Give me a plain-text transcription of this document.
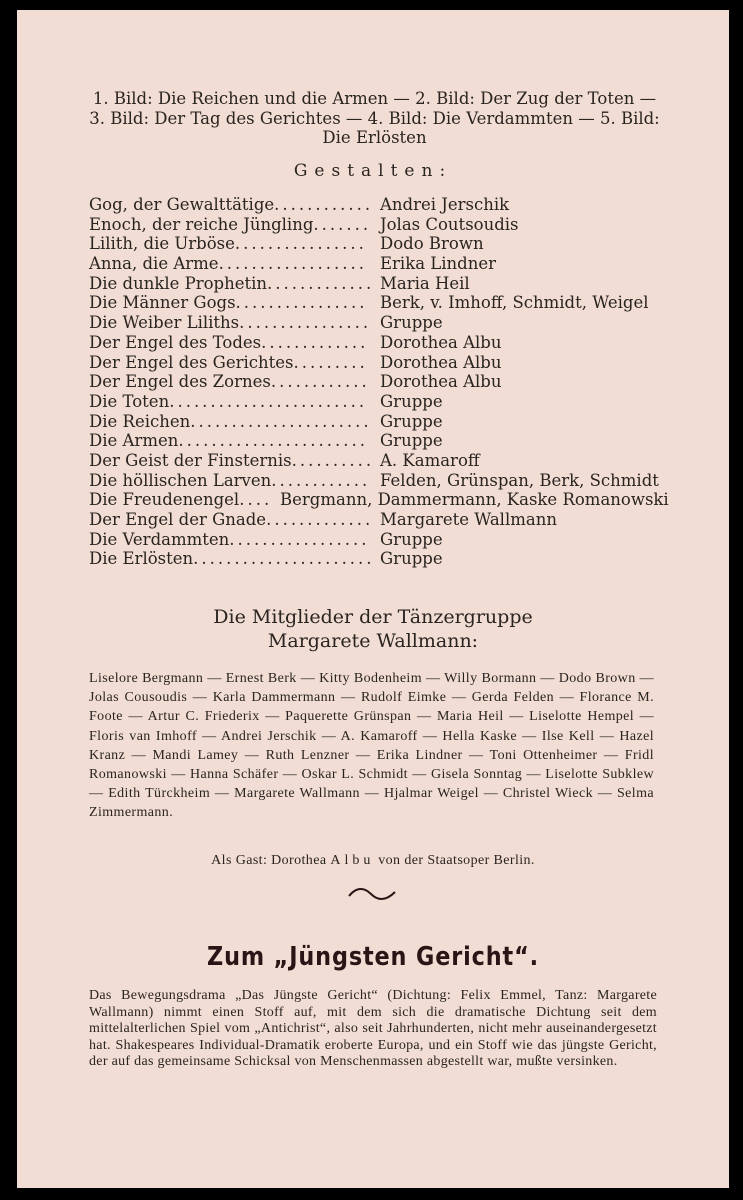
1. Bild: Die Reichen und die Armen — 2. Bild: Der Zug der Toten — 3. Bild: Der Tag des Gerichtes — 4. Bild: Die Verdammten — 5. Bild: Die Erlösten
Gestalten:
Gog, der Gewalttätige............ Andrei Jerschik
Enoch, der reiche Jüngling....... Jolas Coutsoudis
Lilith, die Urböse................ Dodo Brown
Anna, die Arme.................. Erika Lindner
Die dunkle Prophetin............. Maria Heil
Die Männer Gogs................ Berk, v. Imhoff, Schmidt, Weigel
Die Weiber Liliths................ Gruppe
Der Engel des Todes............. Dorothea Albu
Der Engel des Gerichtes......... Dorothea Albu
Der Engel des Zornes............ Dorothea Albu
Die Toten........................ Gruppe
Die Reichen...................... Gruppe
Die Armen....................... Gruppe
Der Geist der Finsternis.......... A. Kamaroff
Die höllischen Larven............ Felden, Grünspan, Berk, Schmidt
Die Freudenengel.... Bergmann, Dammermann, Kaske Romanowski
Der Engel der Gnade............. Margarete Wallmann
Die Verdammten................. Gruppe
Die Erlösten...................... Gruppe
Die Mitglieder der Tänzergruppe
Margarete Wallmann:
Liselore Bergmann — Ernest Berk — Kitty Bodenheim — Willy Bormann — Dodo Brown — Jolas Cousoudis — Karla Dammermann — Rudolf Eimke — Gerda Felden — Florance M. Foote — Artur C. Friederix — Paquerette Grünspan — Maria Heil — Liselotte Hempel — Floris van Imhoff — Andrei Jerschik — A. Kamaroff — Hella Kaske — Ilse Kell — Hazel Kranz — Mandi Lamey — Ruth Lenzner — Erika Lindner — Toni Ottenheimer — Fridl Romanowski — Hanna Schäfer — Oskar L. Schmidt — Gisela Sonntag — Liselotte Subklew — Edith Türckheim — Margarete Wallmann — Hjalmar Weigel — Christel Wieck — Selma Zimmermann.
Als Gast: Dorothea Albu von der Staatsoper Berlin.
Zum „Jüngsten Gericht“.
Das Bewegungsdrama „Das Jüngste Gericht“ (Dichtung: Felix Emmel, Tanz: Margarete Wallmann) nimmt einen Stoff auf, mit dem sich die dramatische Dichtung seit dem mittelalterlichen Spiel vom „Antichrist“, also seit Jahrhunderten, nicht mehr auseinandergesetzt hat. Shakespeares Individual-Dramatik eroberte Europa, und ein Stoff wie das jüngste Gericht, der auf das gemeinsame Schicksal von Menschenmassen abgestellt war, mußte versinken.
